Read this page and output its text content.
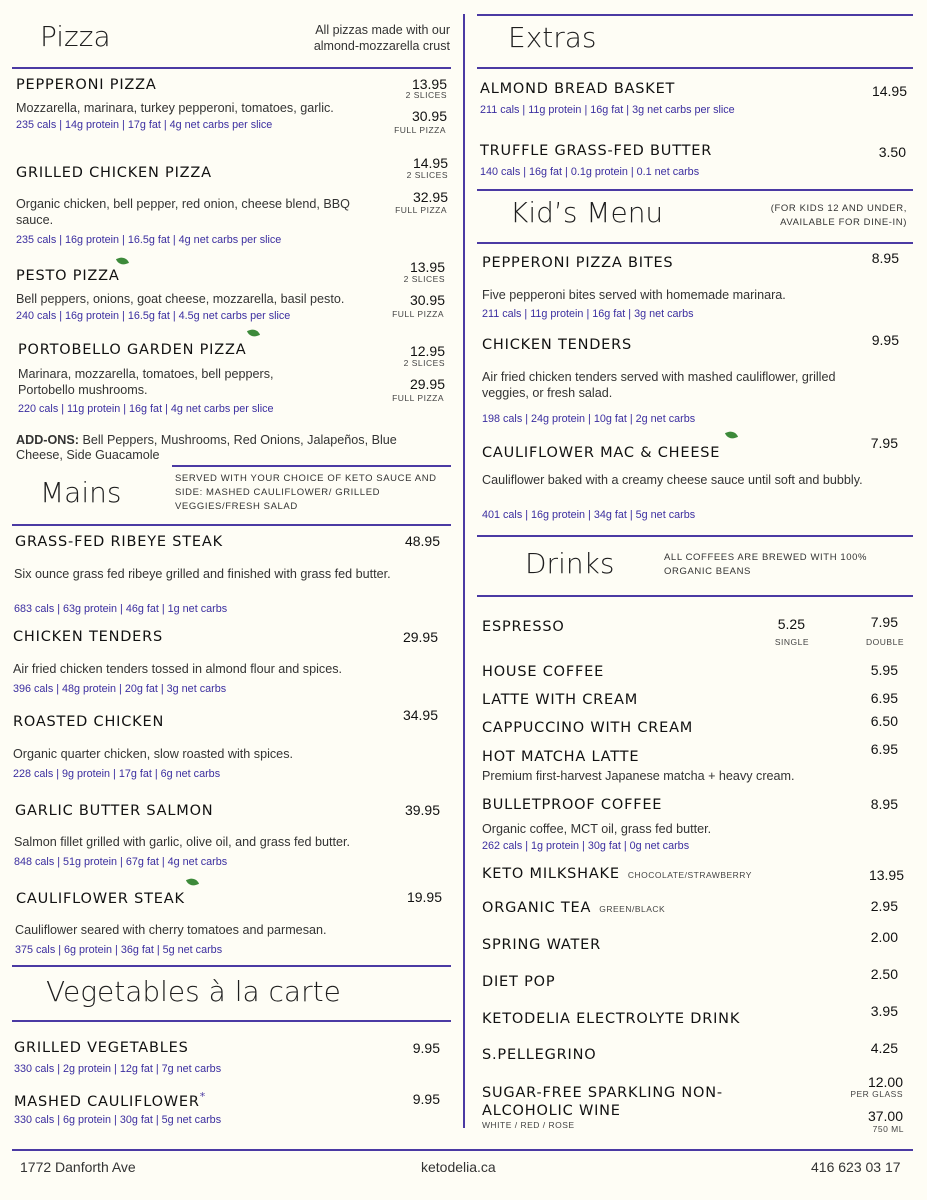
Pizza	All pizzas made with our almond-mozzarella crust
PEPPERONI PIZZA
Mozzarella, marinara, turkey pepperoni, tomatoes, garlic.
235 cals | 14g protein | 17g fat | 4g net carbs per slice
13.95
2 SLICES
30.95
FULL PIZZA
GRILLED CHICKEN PIZZA
Organic chicken, bell pepper, red onion, cheese blend, BBQ sauce.
235 cals | 16g protein | 16.5g fat | 4g net carbs per slice
14.95
2 SLICES
32.95
FULL PIZZA
PESTO PIZZA
Bell peppers, onions, goat cheese, mozzarella, basil pesto.
240 cals | 16g protein | 16.5g fat | 4.5g net carbs per slice
13.95
2 SLICES
30.95
FULL PIZZA
PORTOBELLO GARDEN PIZZA
Marinara, mozzarella, tomatoes, bell peppers, Portobello mushrooms.
220 cals | 11g protein | 16g fat | 4g net carbs per slice
12.95
2 SLICES
29.95
FULL PIZZA
ADD-ONS: Bell Peppers, Mushrooms, Red Onions, Jalapeños, Blue Cheese, Side Guacamole
Mains	SERVED WITH YOUR CHOICE OF KETO SAUCE AND SIDE: MASHED CAULIFLOWER/ GRILLED VEGGIES/FRESH SALAD
GRASS-FED RIBEYE STEAK	48.95
Six ounce grass fed ribeye grilled and finished with grass fed butter.
683 cals | 63g protein | 46g fat | 1g net carbs
CHICKEN TENDERS	29.95
Air fried chicken tenders tossed in almond flour and spices.
396 cals | 48g protein | 20g fat | 3g net carbs
ROASTED CHICKEN	34.95
Organic quarter chicken, slow roasted with spices.
228 cals | 9g protein | 17g fat | 6g net carbs
GARLIC BUTTER SALMON	39.95
Salmon fillet grilled with garlic, olive oil, and grass fed butter.
848 cals | 51g protein | 67g fat | 4g net carbs
CAULIFLOWER STEAK	19.95
Cauliflower seared with cherry tomatoes and parmesan.
375 cals | 6g protein | 36g fat | 5g net carbs
Vegetables à la carte
GRILLED VEGETABLES	9.95
330 cals | 2g protein | 12g fat | 7g net carbs
MASHED CAULIFLOWER*	9.95
330 cals | 6g protein | 30g fat | 5g net carbs
Extras
ALMOND BREAD BASKET	14.95
211 cals | 11g protein | 16g fat | 3g net carbs per slice
TRUFFLE GRASS-FED BUTTER	3.50
140 cals | 16g fat | 0.1g protein | 0.1 net carbs
Kid’s Menu	(FOR KIDS 12 AND UNDER, AVAILABLE FOR DINE-IN)
PEPPERONI PIZZA BITES	8.95
Five pepperoni bites served with homemade marinara.
211 cals | 11g protein | 16g fat | 3g net carbs
CHICKEN TENDERS	9.95
Air fried chicken tenders served with mashed cauliflower, grilled veggies, or fresh salad.
198 cals | 24g protein | 10g fat | 2g net carbs
CAULIFLOWER MAC & CHEESE
7.95
Cauliflower baked with a creamy cheese sauce until soft and bubbly.
401 cals | 16g protein | 34g fat | 5g net carbs
Drinks	ALL COFFEES ARE BREWED WITH 100% ORGANIC BEANS
ESPRESSO	5.25
SINGLE
7.95
DOUBLE
HOUSE COFFEE	5.95
LATTE WITH CREAM	6.95
CAPPUCCINO WITH CREAM	6.50
HOT MATCHA LATTE	6.95
Premium first-harvest Japanese matcha + heavy cream.
BULLETPROOF COFFEE	8.95
Organic coffee, MCT oil, grass fed butter.
262 cals | 1g protein | 30g fat | 0g net carbs
KETO MILKSHAKE CHOCOLATE/STRAWBERRY	13.95
ORGANIC TEA GREEN/BLACK	2.95
SPRING WATER	2.00
DIET POP	2.50
KETODELIA ELECTROLYTE DRINK	3.95
S.PELLEGRINO	4.25
SUGAR-FREE SPARKLING NON-ALCOHOLIC WINE
WHITE / RED / ROSE
12.00
PER GLASS
37.00
750 ML
1772 Danforth Ave	ketodelia.ca	416 623 03 17
